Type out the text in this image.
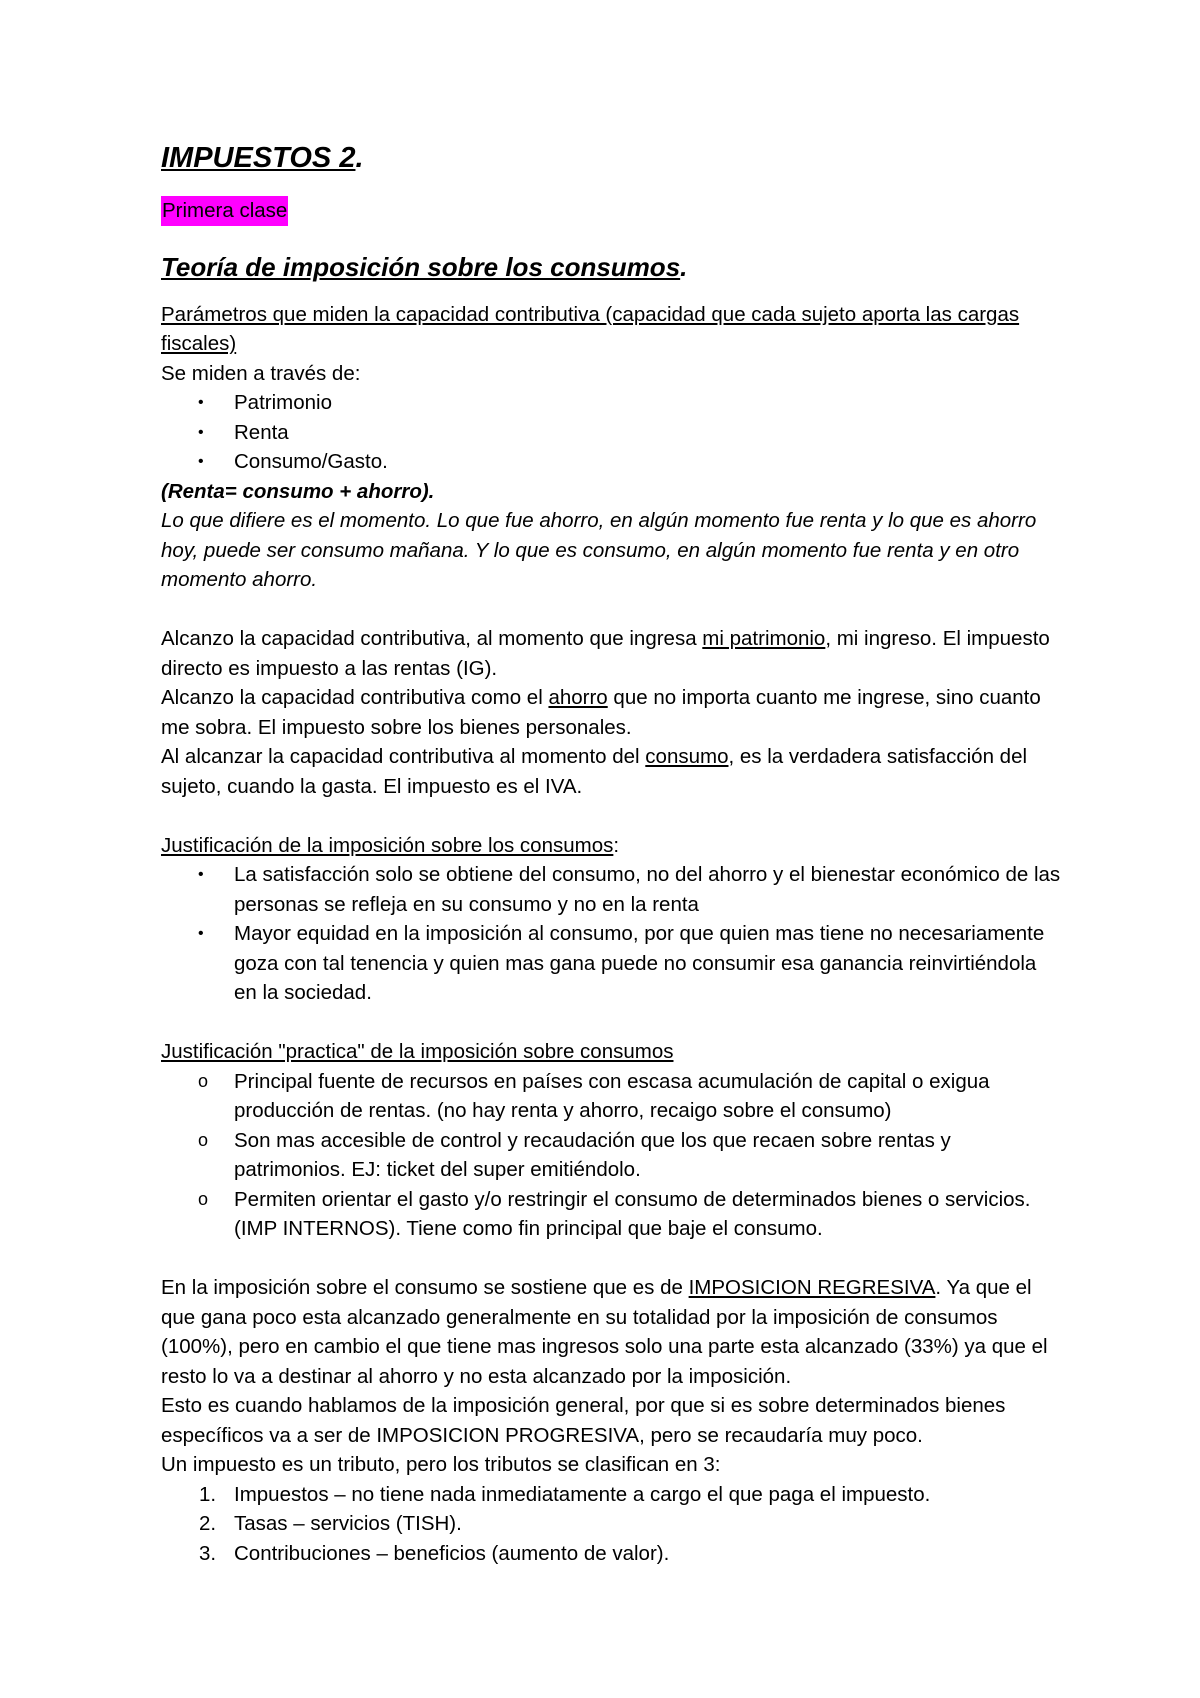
IMPUESTOS 2.

Primera clase

Teoría de imposición sobre los consumos.

Parámetros que miden la capacidad contributiva (capacidad que cada sujeto aporta las cargas fiscales)

Se miden a través de:

•	Patrimonio
•	Renta
•	Consumo/Gasto.

(Renta= consumo + ahorro).

Lo que difiere es el momento. Lo que fue ahorro, en algún momento fue renta y lo que es ahorro hoy, puede ser consumo mañana. Y lo que es consumo, en algún momento fue renta y en otro momento ahorro.

Alcanzo la capacidad contributiva, al momento que ingresa mi patrimonio, mi ingreso. El impuesto directo es impuesto a las rentas (IG).

Alcanzo la capacidad contributiva como el ahorro que no importa cuanto me ingrese, sino cuanto me sobra. El impuesto sobre los bienes personales.

Al alcanzar la capacidad contributiva al momento del consumo, es la verdadera satisfacción del sujeto, cuando la gasta. El impuesto es el IVA.

Justificación de la imposición sobre los consumos:

•	La satisfacción solo se obtiene del consumo, no del ahorro y el bienestar económico de las personas se refleja en su consumo y no en la renta
•	Mayor equidad en la imposición al consumo, por que quien mas tiene no necesariamente goza con tal tenencia y quien mas gana puede no consumir esa ganancia reinvirtiéndola en la sociedad.

Justificación "practica" de la imposición sobre consumos

o	Principal fuente de recursos en países con escasa acumulación de capital o exigua producción de rentas. (no hay renta y ahorro, recaigo sobre el consumo)
o	Son mas accesible de control y recaudación que los que recaen sobre rentas y patrimonios. EJ: ticket del super emitiéndolo.
o	Permiten orientar el gasto y/o restringir el consumo de determinados bienes o servicios. (IMP INTERNOS). Tiene como fin principal que baje el consumo.

En la imposición sobre el consumo se sostiene que es de IMPOSICION REGRESIVA. Ya que el que gana poco esta alcanzado generalmente en su totalidad por la imposición de consumos (100%), pero en cambio el que tiene mas ingresos solo una parte esta alcanzado (33%) ya que el resto lo va a destinar al ahorro y no esta alcanzado por la imposición.

Esto es cuando hablamos de la imposición general, por que si es sobre determinados bienes específicos va a ser de IMPOSICION PROGRESIVA, pero se recaudaría muy poco.

Un impuesto es un tributo, pero los tributos se clasifican en 3:

1. Impuestos – no tiene nada inmediatamente a cargo el que paga el impuesto.
2. Tasas – servicios (TISH).
3. Contribuciones – beneficios (aumento de valor).
